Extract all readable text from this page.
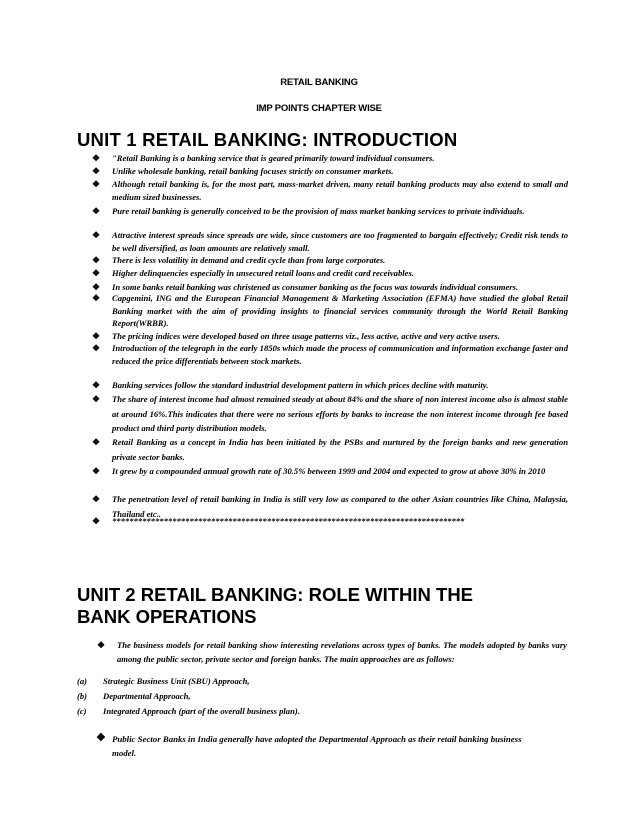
RETAIL BANKING
IMP POINTS CHAPTER WISE
UNIT 1 RETAIL BANKING: INTRODUCTION
❖ "Retail Banking is a banking service that is geared primarily toward individual consumers.
❖ Unlike wholesale banking, retail banking focuses strictly on consumer markets.
❖ Although retail banking is, for the most part, mass-market driven, many retail banking products may also extend to small and medium sized businesses.
❖ Pure retail banking is generally conceived to be the provision of mass market banking services to private individuals.
❖ Attractive interest spreads since spreads are wide, since customers are too fragmented to bargain effectively; Credit risk tends to be well diversified, as loan amounts are relatively small.
❖ There is less volatility in demand and credit cycle than from large corporates.
❖ Higher delinquencies especially in unsecured retail loans and credit card receivables.
❖ In some banks retail banking was christened as consumer banking as the focus was towards individual consumers.
❖ Capgemini, ING and the European Financial Management & Marketing Association (EFMA) have studied the global Retail Banking market with the aim of providing insights to financial services community through the World Retail Banking Report(WRBR).
❖ The pricing indices were developed based on three usage patterns viz., less active, active and very active users.
❖ Introduction of the telegraph in the early 1850s which made the process of communication and information exchange faster and reduced the price differentials between stock markets.
❖ Banking services follow the standard industrial development pattern in which prices decline with maturity.
❖ The share of interest income had almost remained steady at about 84% and the share of non interest income also is almost stable at around 16%.This indicates that there were no serious efforts by banks to increase the non interest income through fee based product and third party distribution models.
❖ Retail Banking as a concept in India has been initiated by the PSBs and nurtured by the foreign banks and new generation private sector banks.
❖ It grew by a compounded annual growth rate of 30.5% between 1999 and 2004 and expected to grow at above 30% in 2010
❖ The penetration level of retail banking in India is still very low as compared to the other Asian countries like China, Malaysia, Thailand etc..
❖ **********************************************************************************
UNIT 2 RETAIL BANKING: ROLE WITHIN THE
BANK OPERATIONS
❖ The business models for retail banking show interesting revelations across types of banks. The models adopted by banks vary among the public sector, private sector and foreign banks. The main approaches are as follows:
(a) Strategic Business Unit (SBU) Approach,
(b) Departmental Approach,
(c) Integrated Approach (part of the overall business plan).
❖ Public Sector Banks in India generally have adopted the Departmental Approach as their retail banking business model.
